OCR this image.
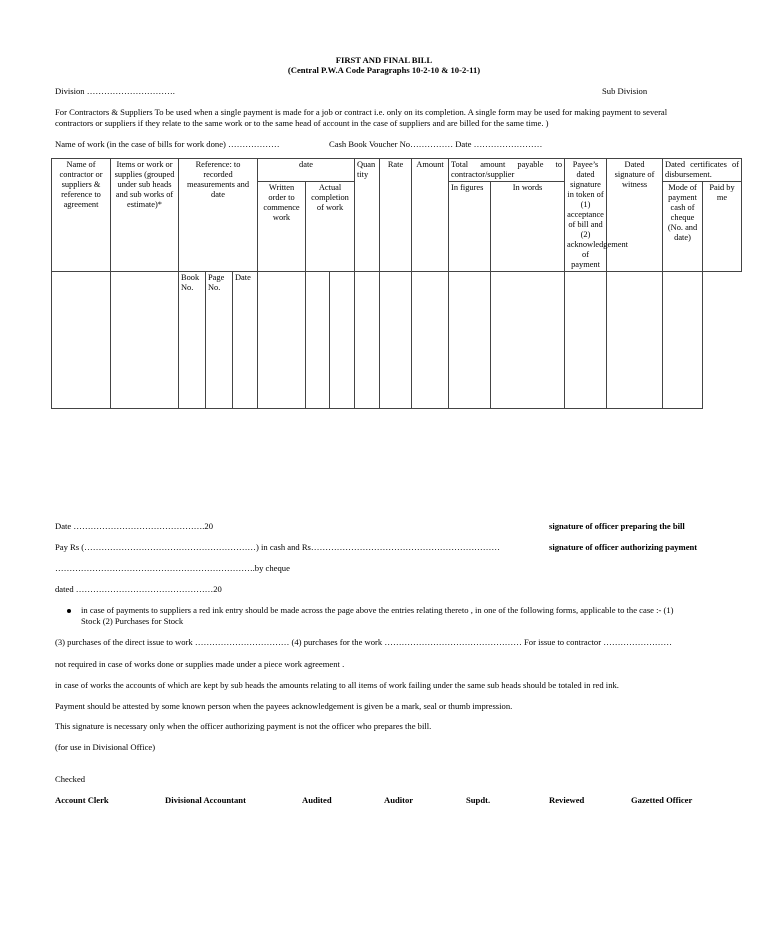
FIRST AND FINAL BILL
(Central P.W.A Code Paragraphs 10-2-10 & 10-2-11)
Division ………………………….	Sub Division
For Contractors & Suppliers To be used when a single payment is made for a job or contract i.e. only on its completion. A single form may be used for making payment to several
contractors or suppliers if they relate to the same work or to the same head of account in the case of suppliers and are billed for the same time. )
Name of work (in the case of bills for work done) ………………	Cash Book Voucher No…………… Date ……………………
Name of contractor or suppliers & reference to agreement	Items or work or supplies (grouped under sub heads and sub works of estimate)*	Reference: to recorded measurements and date			date			Quan tity	Rate	Amount	Total amount payable to contractor/supplier		Payee’s dated signature in token of (1) acceptance of bill and (2) acknowledgement of payment	Dated signature of witness	Dated certificates of disbursement.	
					Written order to commence work	Actual completion of work					In figures	In words			Mode of payment cash of cheque (No. and date)	Paid by me

		Book No.	Page No.	Date												
Date ……………………………………….20	signature of officer preparing the bill
Pay Rs (……………………………………………………) in cash and Rs…………………………………………………………	signature of officer authorizing payment
…………………………………………………………….by cheque
dated …………………………………………20
in case of payments to suppliers a red ink entry should be made across the page above the entries relating thereto , in one of the following forms, applicable to the case :- (1)
Stock (2) Purchases for Stock
(3) purchases of the direct issue to work …………………………… (4) purchases for the work ………………………………………… For issue to contractor ……………………
not required in case of works done or supplies made under a piece work agreement .
in case of works the accounts of which are kept by sub heads the amounts relating to all items of work failing under the same sub heads should be totaled in red ink.
Payment should be attested by some known person when the payees acknowledgement is given be a mark, seal or thumb impression.
This signature is necessary only when the officer authorizing payment is not the officer who prepares the bill.
(for use in Divisional Office)
Checked
Account Clerk	Divisional Accountant	Audited	Auditor	Supdt.	Reviewed	Gazetted Officer
